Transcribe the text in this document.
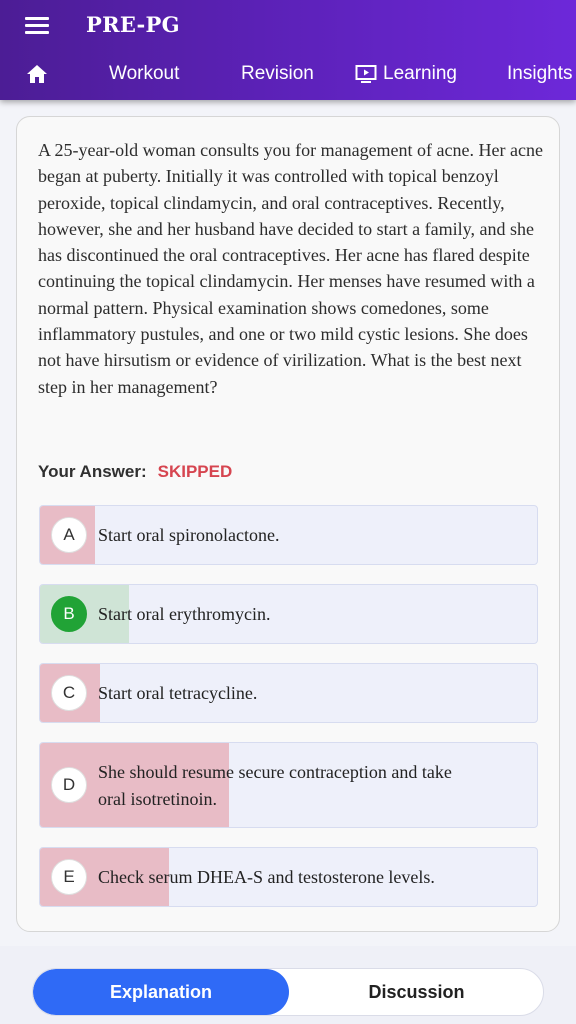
PRE-PG
Workout	Revision	Learning	Insights
A 25-year-old woman consults you for management of acne. Her acne began at puberty. Initially it was controlled with topical benzoyl peroxide, topical clindamycin, and oral contraceptives. Recently, however, she and her husband have decided to start a family, and she has discontinued the oral contraceptives. Her acne has flared despite continuing the topical clindamycin. Her menses have resumed with a normal pattern. Physical examination shows comedones, some inflammatory pustules, and one or two mild cystic lesions. She does not have hirsutism or evidence of virilization. What is the best next step in her management?
Your Answer: SKIPPED
A	Start oral spironolactone.
B	Start oral erythromycin.
C	Start oral tetracycline.
D
She should resume secure contraception and take oral isotretinoin.
E	Check serum DHEA-S and testosterone levels.
Explanation	Discussion
